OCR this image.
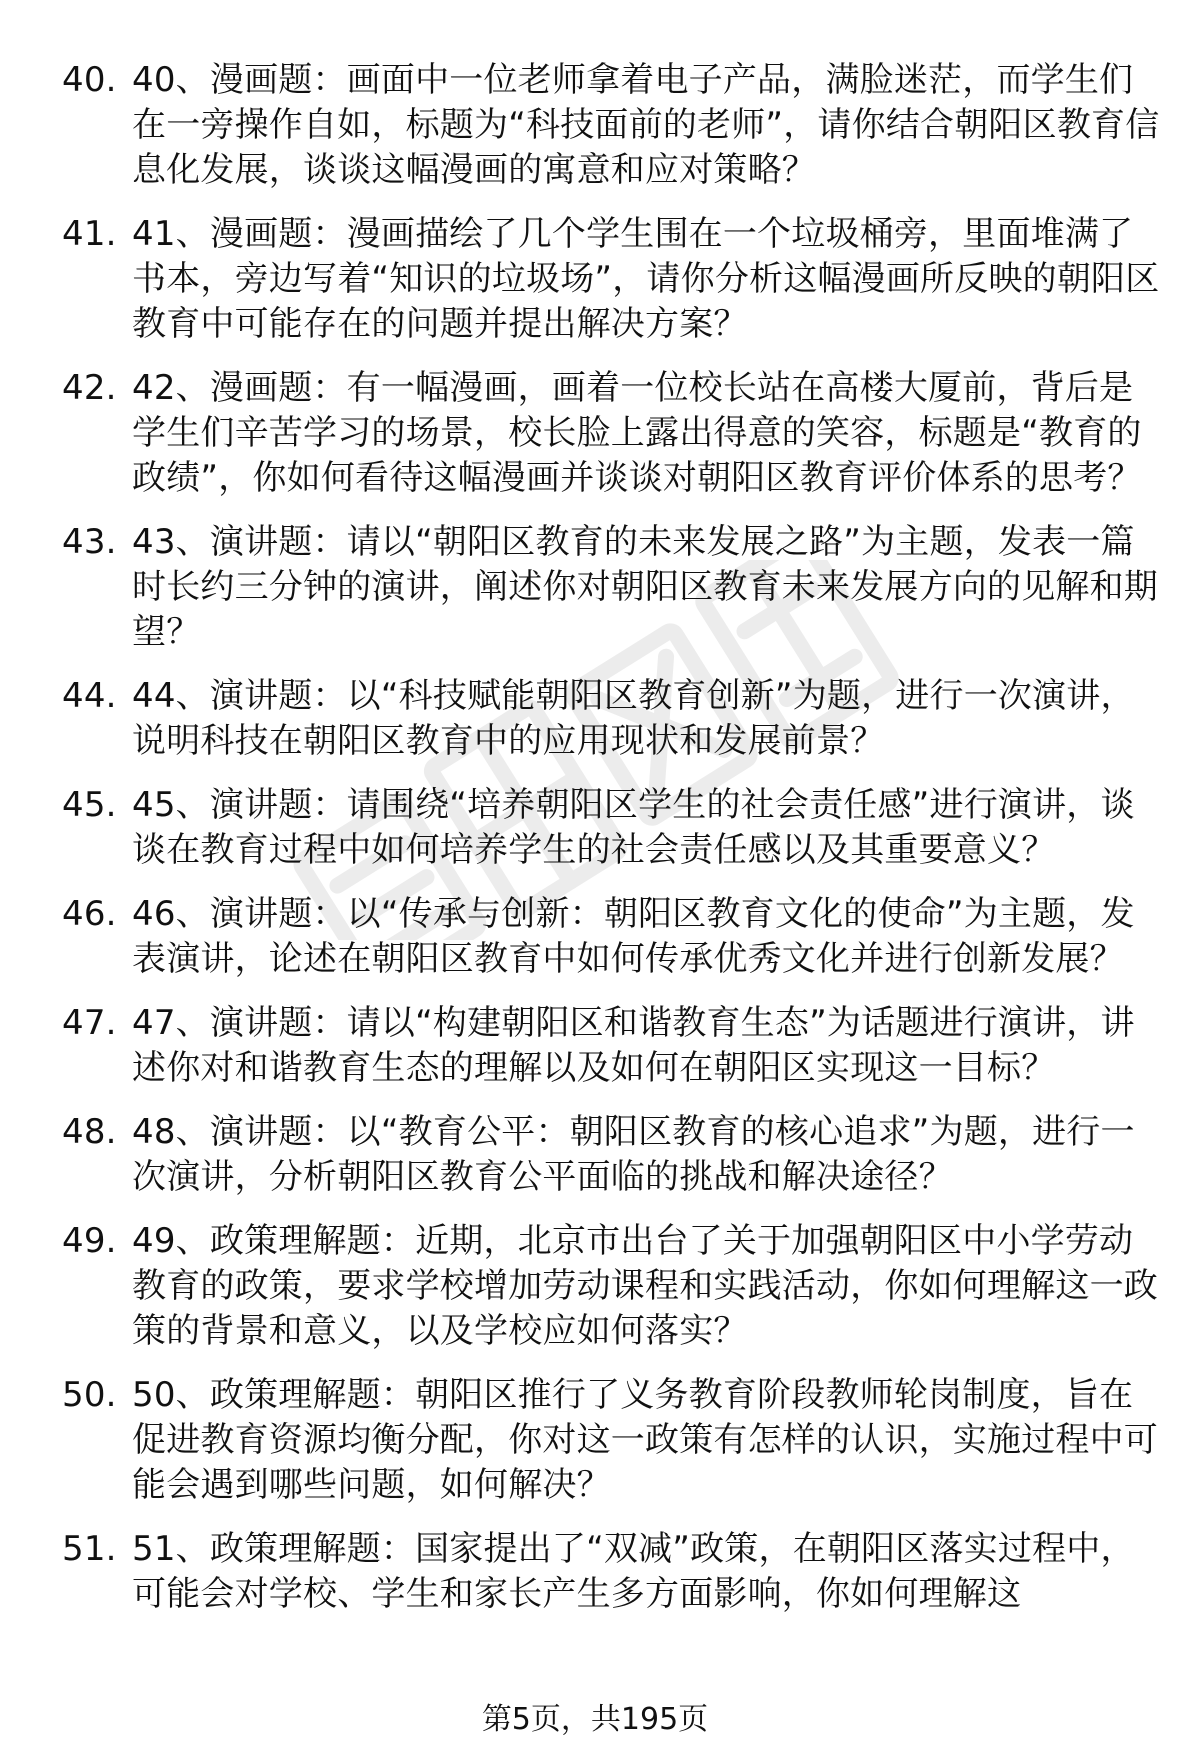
40. 40、漫画题：画面中一位老师拿着电子产品，满脸迷茫，而学生们在一旁操作自如，标题为“科技面前的老师”，请你结合朝阳区教育信息化发展，谈谈这幅漫画的寓意和应对策略？
41. 41、漫画题：漫画描绘了几个学生围在一个垃圾桶旁，里面堆满了书本，旁边写着“知识的垃圾场”，请你分析这幅漫画所反映的朝阳区教育中可能存在的问题并提出解决方案？
42. 42、漫画题：有一幅漫画，画着一位校长站在高楼大厦前，背后是学生们辛苦学习的场景，校长脸上露出得意的笑容，标题是“教育的政绩”，你如何看待这幅漫画并谈谈对朝阳区教育评价体系的思考？
43. 43、演讲题：请以“朝阳区教育的未来发展之路”为主题，发表一篇时长约三分钟的演讲，阐述你对朝阳区教育未来发展方向的见解和期望？
44. 44、演讲题：以“科技赋能朝阳区教育创新”为题，进行一次演讲，说明科技在朝阳区教育中的应用现状和发展前景？
45. 45、演讲题：请围绕“培养朝阳区学生的社会责任感”进行演讲，谈谈在教育过程中如何培养学生的社会责任感以及其重要意义？
46. 46、演讲题：以“传承与创新：朝阳区教育文化的使命”为主题，发表演讲，论述在朝阳区教育中如何传承优秀文化并进行创新发展？
47. 47、演讲题：请以“构建朝阳区和谐教育生态”为话题进行演讲，讲述你对和谐教育生态的理解以及如何在朝阳区实现这一目标？
48. 48、演讲题：以“教育公平：朝阳区教育的核心追求”为题，进行一次演讲，分析朝阳区教育公平面临的挑战和解决途径？
49. 49、政策理解题：近期，北京市出台了关于加强朝阳区中小学劳动教育的政策，要求学校增加劳动课程和实践活动，你如何理解这一政策的背景和意义，以及学校应如何落实？
50. 50、政策理解题：朝阳区推行了义务教育阶段教师轮岗制度，旨在促进教育资源均衡分配，你对这一政策有怎样的认识，实施过程中可能会遇到哪些问题，如何解决？
51. 51、政策理解题：国家提出了“双减”政策，在朝阳区落实过程中，可能会对学校、学生和家长产生多方面影响，你如何理解这
第5页，共195页
